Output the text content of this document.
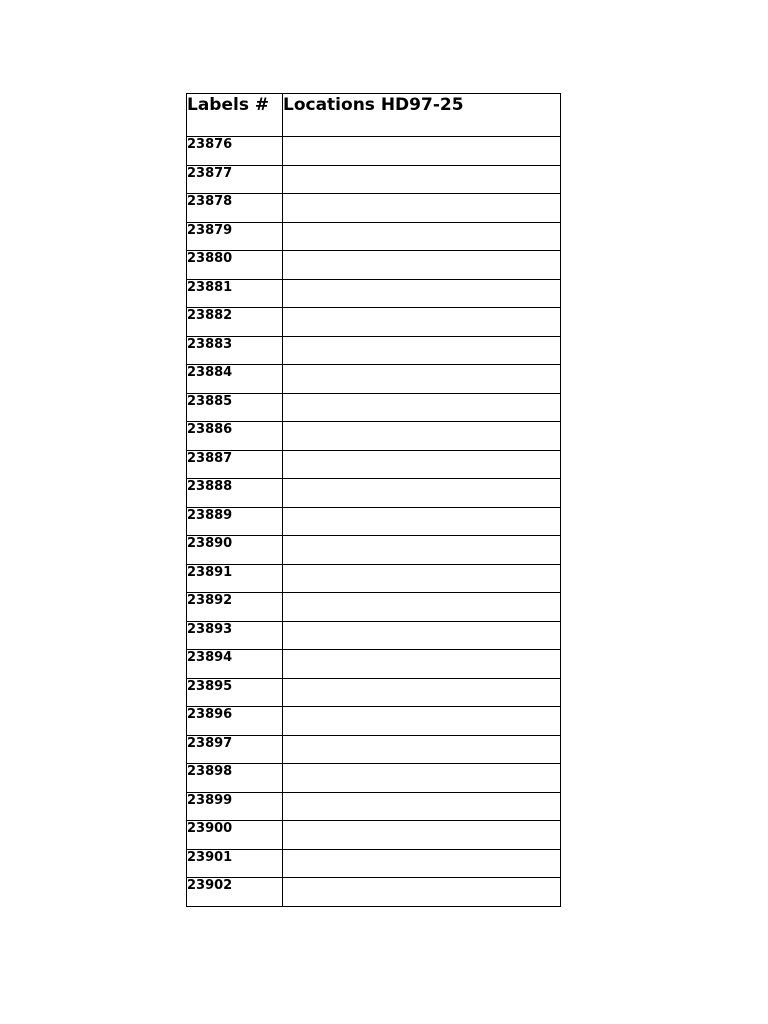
Labels #	Locations HD97-25
23876	
23877	
23878	
23879	
23880	
23881	
23882	
23883	
23884	
23885	
23886	
23887	
23888	
23889	
23890	
23891	
23892	
23893	
23894	
23895	
23896	
23897	
23898	
23899	
23900	
23901	
23902	
